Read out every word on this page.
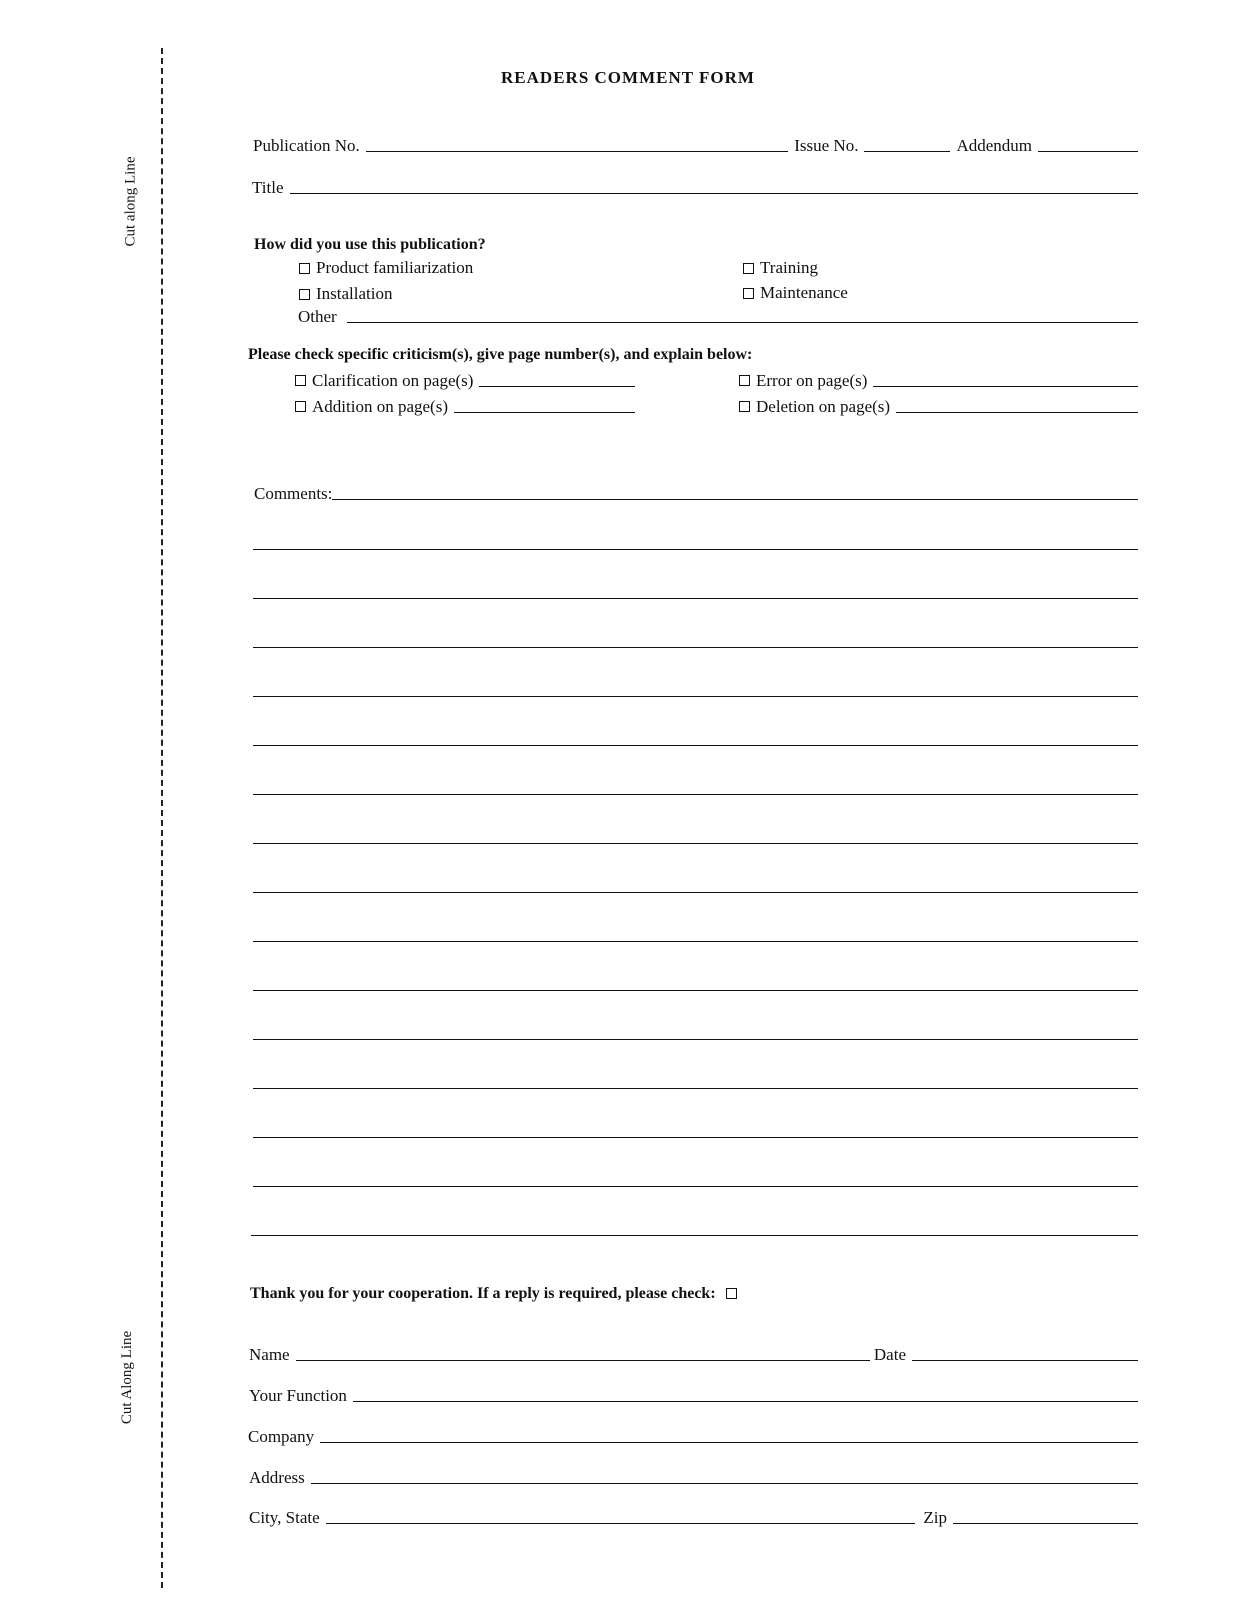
Cut along Line
Cut Along Line
READERS COMMENT FORM
Publication No.	Issue No.	Addendum
Title
How did you use this publication?
Product familiarization	Training
Installation	Maintenance
Other
Please check specific criticism(s), give page number(s), and explain below:
Clarification on page(s)	Error on page(s)
Addition on page(s)	Deletion on page(s)
Comments:
Thank you for your cooperation. If a reply is required, please check:
Name	Date
Your Function
Company
Address
City, State	Zip
